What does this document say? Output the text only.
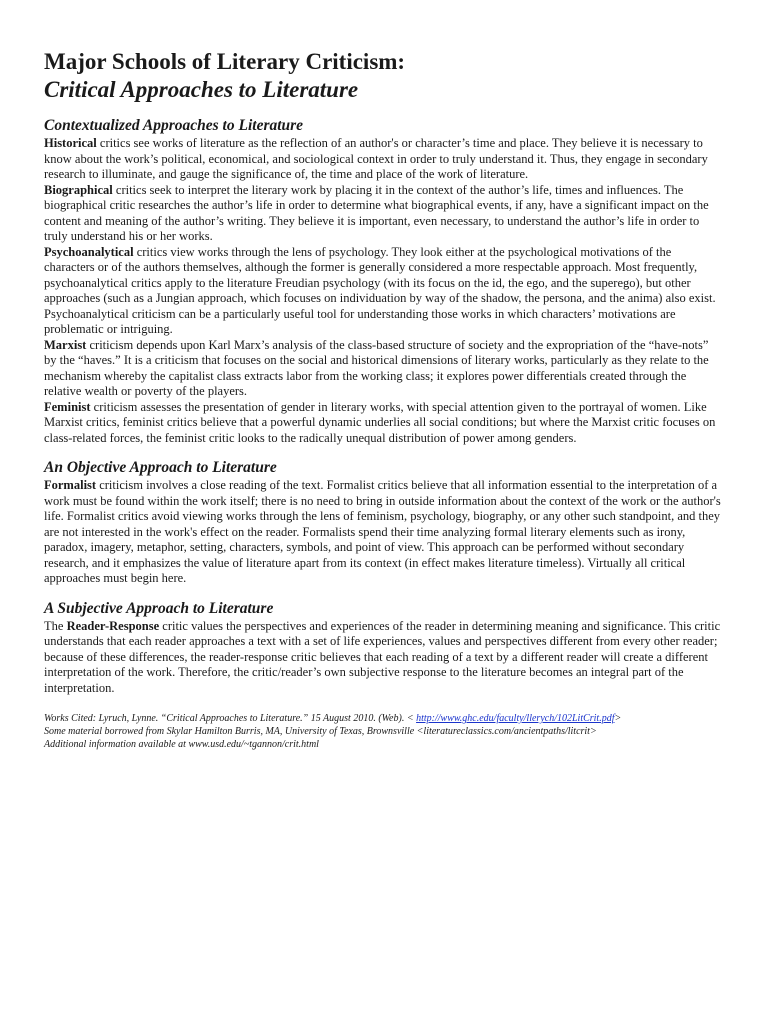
Major Schools of Literary Criticism:
Critical Approaches to Literature
Contextualized Approaches to Literature

Historical critics see works of literature as the reflection of an author's or character’s time and place. They believe it is necessary to know about the work’s political, economical, and sociological context in order to truly understand it. Thus, they engage in secondary research to illuminate, and gauge the significance of, the time and place of the work of literature.

Biographical critics seek to interpret the literary work by placing it in the context of the author’s life, times and influences. The biographical critic researches the author’s life in order to determine what biographical events, if any, have a significant impact on the content and meaning of the author’s writing. They believe it is important, even necessary, to understand the author’s life in order to truly understand his or her works.

Psychoanalytical critics view works through the lens of psychology. They look either at the psychological motivations of the characters or of the authors themselves, although the former is generally considered a more respectable approach. Most frequently, psychoanalytical critics apply to the literature Freudian psychology (with its focus on the id, the ego, and the superego), but other approaches (such as a Jungian approach, which focuses on individuation by way of the shadow, the persona, and the anima) also exist. Psychoanalytical criticism can be a particularly useful tool for understanding those works in which characters’ motivations are problematic or intriguing.

Marxist criticism depends upon Karl Marx’s analysis of the class-based structure of society and the expropriation of the “have-nots” by the “haves.” It is a criticism that focuses on the social and historical dimensions of literary works, particularly as they relate to the mechanism whereby the capitalist class extracts labor from the working class; it explores power differentials created through the relative wealth or poverty of the players.

Feminist criticism assesses the presentation of gender in literary works, with special attention given to the portrayal of women. Like Marxist critics, feminist critics believe that a powerful dynamic underlies all social conditions; but where the Marxist critic focuses on class-related forces, the feminist critic looks to the radically unequal distribution of power among genders.

An Objective Approach to Literature

Formalist criticism involves a close reading of the text. Formalist critics believe that all information essential to the interpretation of a work must be found within the work itself; there is no need to bring in outside information about the context of the work or the author's life. Formalist critics avoid viewing works through the lens of feminism, psychology, biography, or any other such standpoint, and they are not interested in the work's effect on the reader. Formalists spend their time analyzing formal literary elements such as irony, paradox, imagery, metaphor, setting, characters, symbols, and point of view. This approach can be performed without secondary research, and it emphasizes the value of literature apart from its context (in effect makes literature timeless). Virtually all critical approaches must begin here.

A Subjective Approach to Literature

The Reader-Response critic values the perspectives and experiences of the reader in determining meaning and significance. This critic understands that each reader approaches a text with a set of life experiences, values and perspectives different from every other reader; because of these differences, the reader-response critic believes that each reading of a text by a different reader will create a different interpretation of the work. Therefore, the critic/reader’s own subjective response to the literature becomes an integral part of the interpretation.

Works Cited: Lyruch, Lynne. “Critical Approaches to Literature.” 15 August 2010. (Web). < http://www.ghc.edu/faculty/llerych/102LitCrit.pdf>
Some material borrowed from Skylar Hamilton Burris, MA, University of Texas, Brownsville <literatureclassics.com/ancientpaths/litcrit>
Additional information available at www.usd.edu/~tgannon/crit.html
